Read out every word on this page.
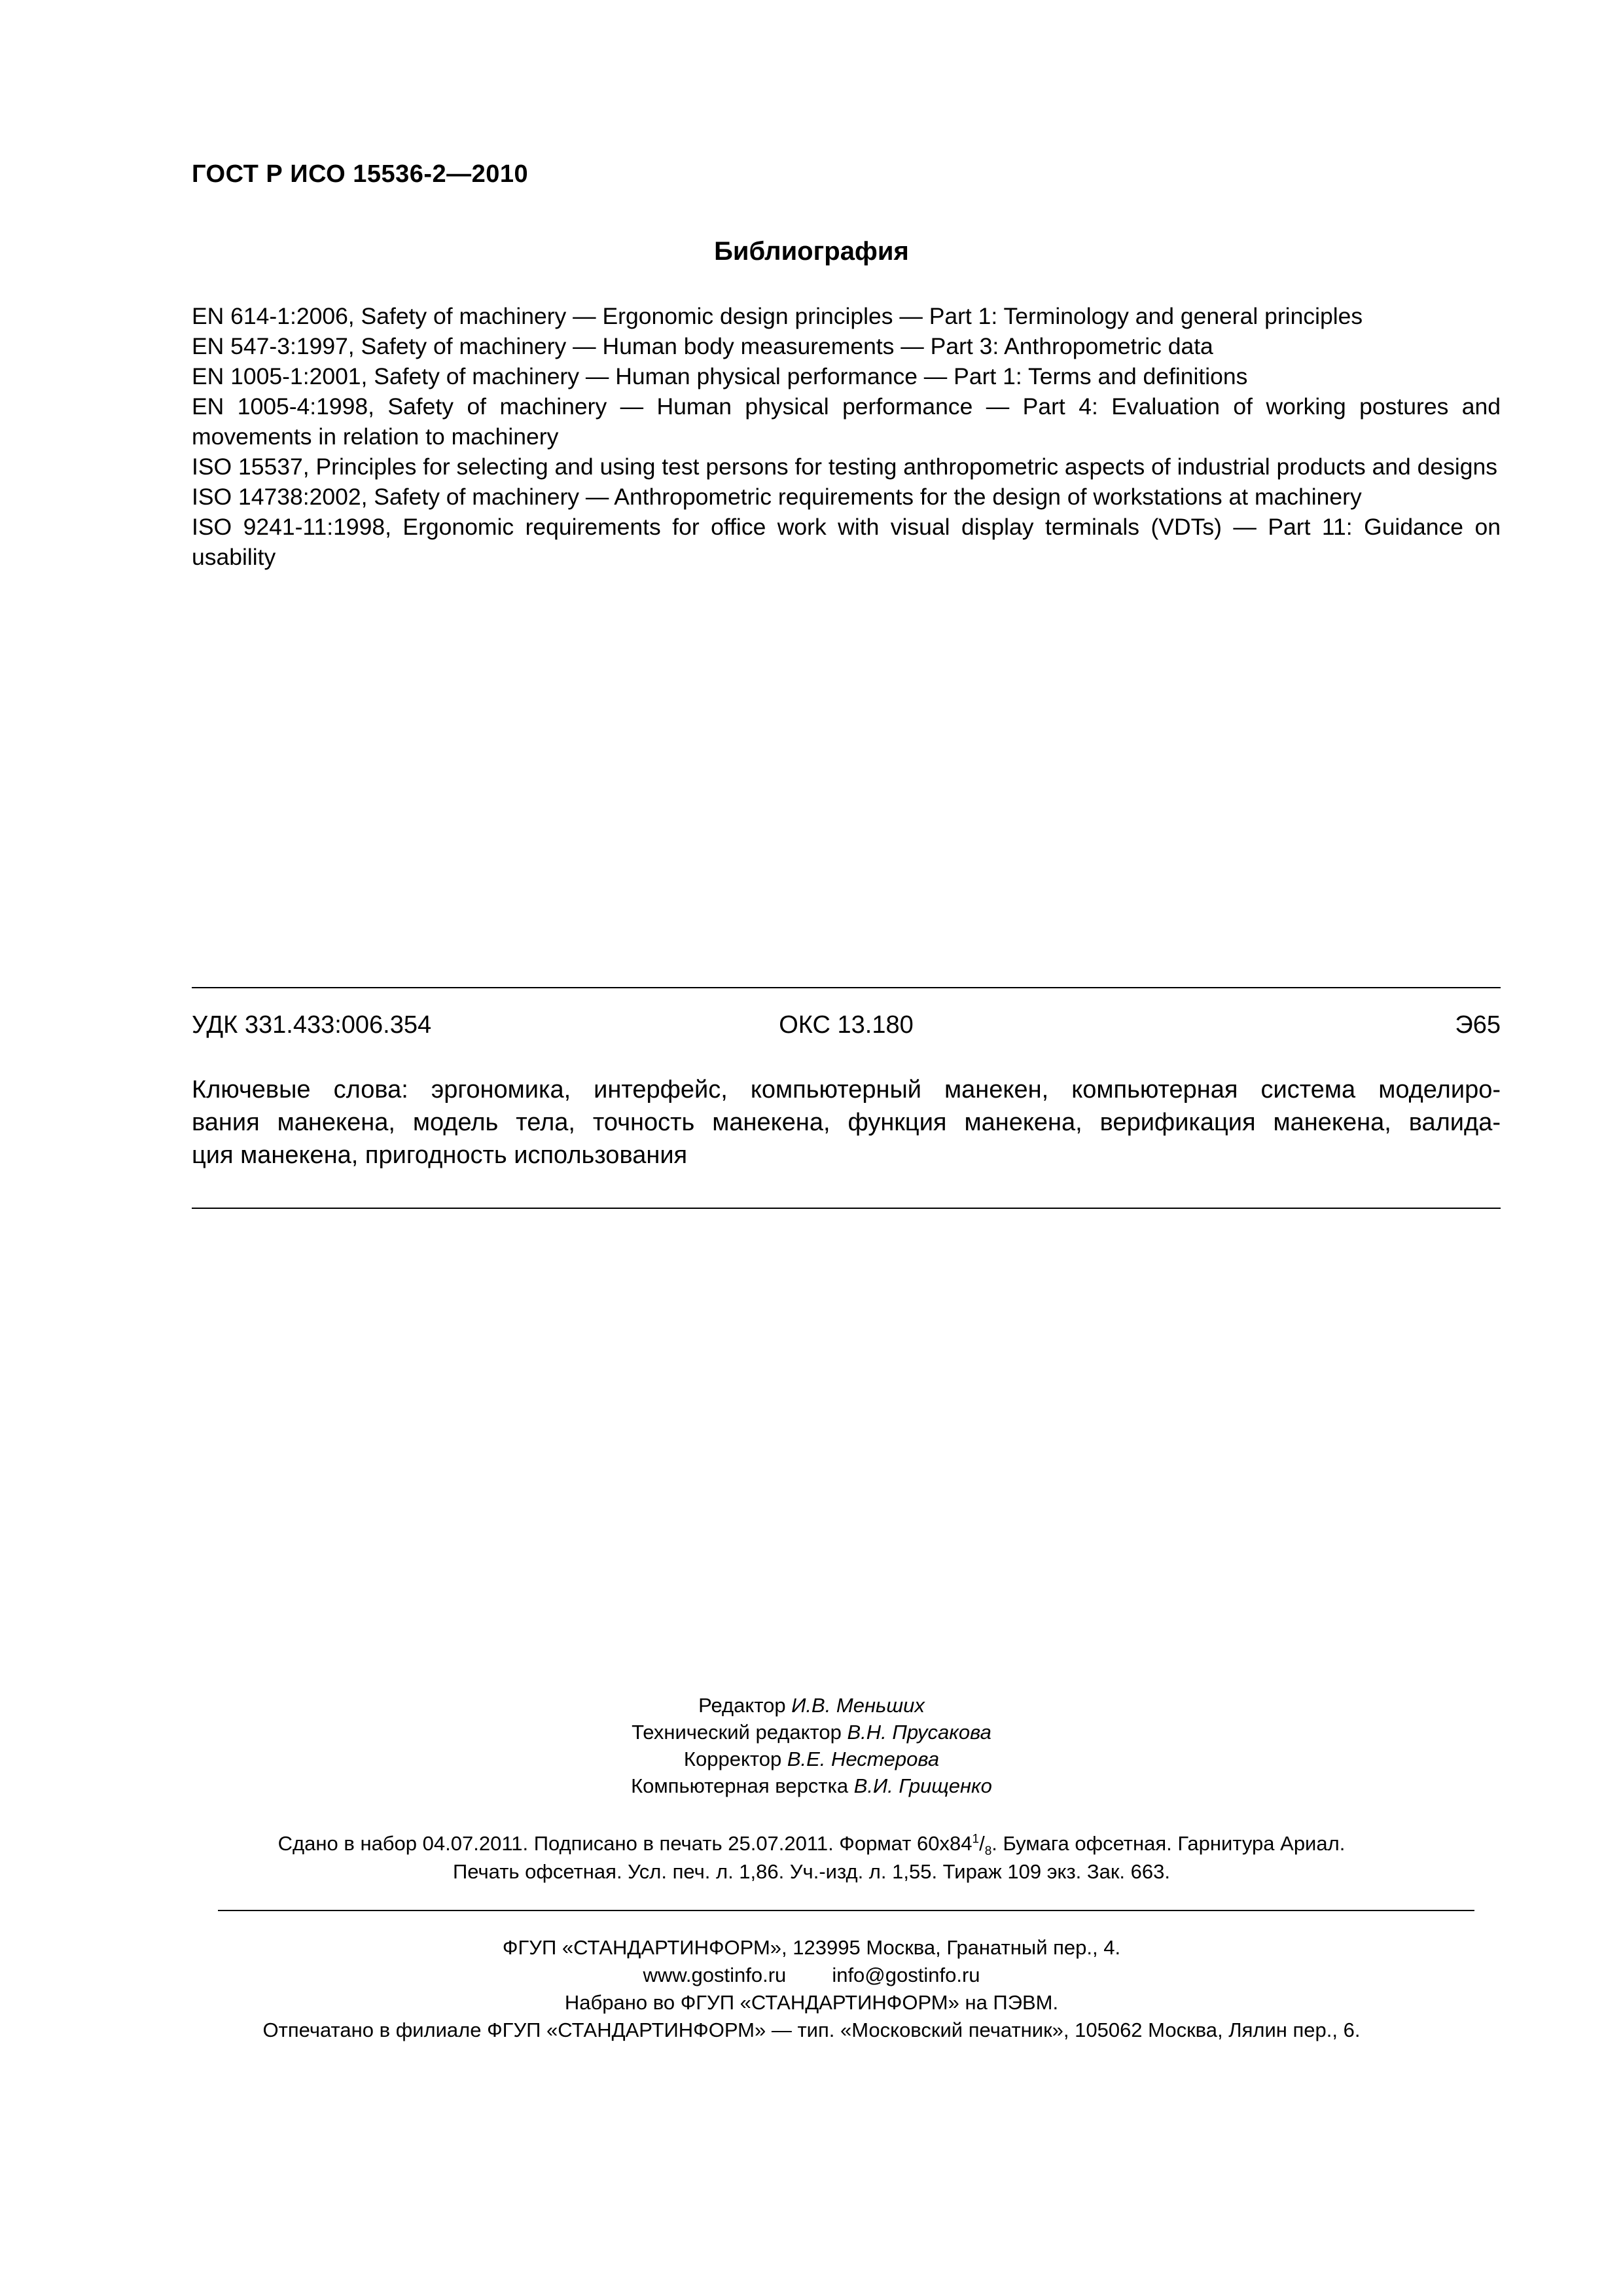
ГОСТ Р ИСО 15536-2—2010
Библиография
EN 614-1:2006, Safety of machinery — Ergonomic design principles — Part 1: Terminology and general principles
EN 547-3:1997, Safety of machinery — Human body measurements — Part 3: Anthropometric data
EN 1005-1:2001, Safety of machinery — Human physical performance — Part 1: Terms and definitions
EN 1005-4:1998, Safety of machinery — Human physical performance — Part 4: Evaluation of working postures and movements in relation to machinery
ISO 15537, Principles for selecting and using test persons for testing anthropometric aspects of industrial products and designs
ISO 14738:2002, Safety of machinery — Anthropometric requirements for the design of workstations at machinery
ISO 9241-11:1998, Ergonomic requirements for office work with visual display terminals (VDTs) — Part 11: Guidance on usability
УДК 331.433:006.354	ОКС 13.180	Э65
Ключевые слова: эргономика, интерфейс, компьютерный манекен, компьютерная система моделиро-
вания манекена, модель тела, точность манекена, функция манекена, верификация манекена, валида-
ция манекена, пригодность использования
Редактор И.В. Меньших
Технический редактор В.Н. Прусакова
Корректор В.Е. Нестерова
Компьютерная верстка В.И. Грищенко
Сдано в набор 04.07.2011. Подписано в печать 25.07.2011. Формат $60х84^1/_8$. Бумага офсетная. Гарнитура Ариал.
Печать офсетная. Усл. печ. л. 1,86. Уч.-изд. л. 1,55. Тираж 109 экз. Зак. 663.
ФГУП «СТАНДАРТИНФОРМ», 123995 Москва, Гранатный пер., 4.
www.gostinfo.ru info@gostinfo.ru
Набрано во ФГУП «СТАНДАРТИНФОРМ» на ПЭВМ.
Отпечатано в филиале ФГУП «СТАНДАРТИНФОРМ» — тип. «Московский печатник», 105062 Москва, Лялин пер., 6.
